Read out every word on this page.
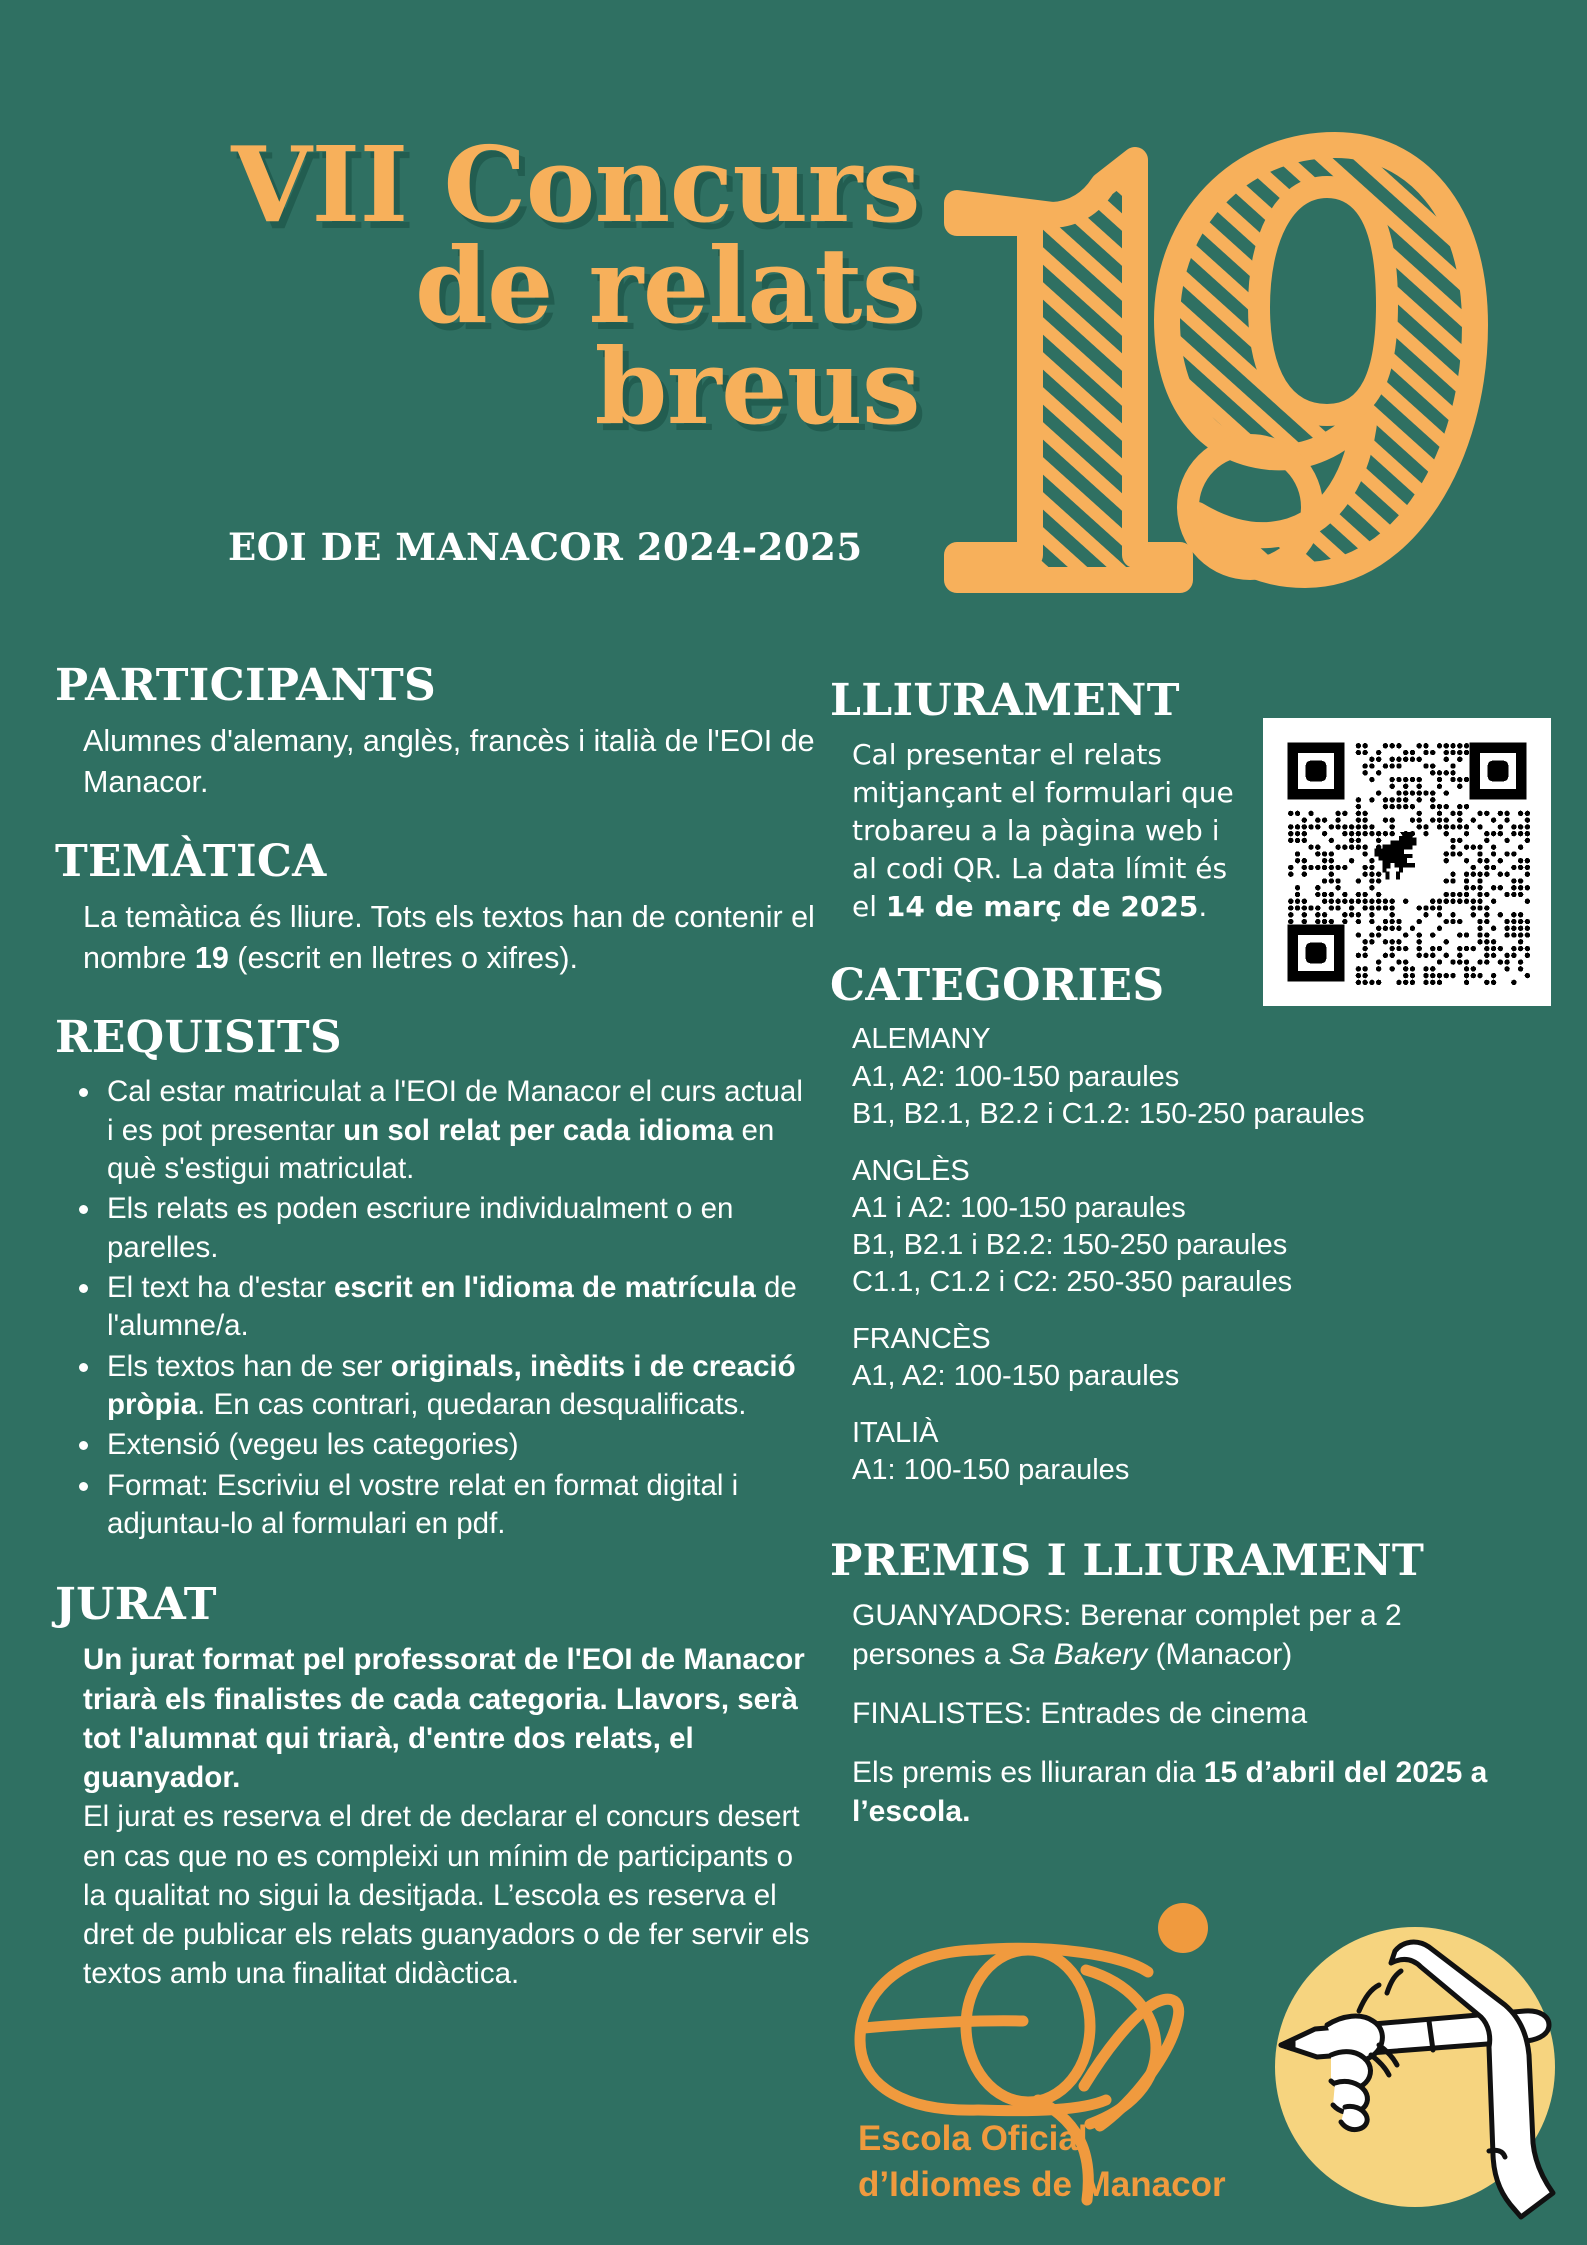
VII Concurs
de relats
breus
EOI DE MANACOR 2024-2025
PARTICIPANTS
Alumnes d'alemany, anglès, francès i italià de l'EOI de Manacor.
TEMÀTICA
La temàtica és lliure. Tots els textos han de contenir el nombre 19 (escrit en lletres o xifres).
REQUISITS
• Cal estar matriculat a l'EOI de Manacor el curs actual i es pot presentar un sol relat per cada idioma en què s'estigui matriculat.
• Els relats es poden escriure individualment o en parelles.
• El text ha d'estar escrit en l'idioma de matrícula de l'alumne/a.
• Els textos han de ser originals, inèdits i de creació pròpia. En cas contrari, quedaran desqualificats.
• Extensió (vegeu les categories)
• Format: Escriviu el vostre relat en format digital i adjuntau-lo al formulari en pdf.
JURAT
Un jurat format pel professorat de l'EOI de Manacor triarà els finalistes de cada categoria. Llavors, serà tot l'alumnat qui triarà, d'entre dos relats, el guanyador.
El jurat es reserva el dret de declarar el concurs desert en cas que no es compleixi un mínim de participants o la qualitat no sigui la desitjada. L’escola es reserva el dret de publicar els relats guanyadors o de fer servir els textos amb una finalitat didàctica.
LLIURAMENT
Cal presentar el relats mitjançant el formulari que trobareu a la pàgina web i al codi QR. La data límit és el 14 de març de 2025.
CATEGORIES
ALEMANY
A1, A2: 100-150 paraules
B1, B2.1, B2.2 i C1.2: 150-250 paraules
ANGLÈS
A1 i A2: 100-150 paraules
B1, B2.1 i B2.2: 150-250 paraules
C1.1, C1.2 i C2: 250-350 paraules
FRANCÈS
A1, A2: 100-150 paraules
ITALIÀ
A1: 100-150 paraules
PREMIS I LLIURAMENT
GUANYADORS: Berenar complet per a 2 persones a Sa Bakery (Manacor)
FINALISTES: Entrades de cinema
Els premis es lliuraran dia 15 d’abril del 2025 a l’escola.
Escola Oficial
d’Idiomes de Manacor
